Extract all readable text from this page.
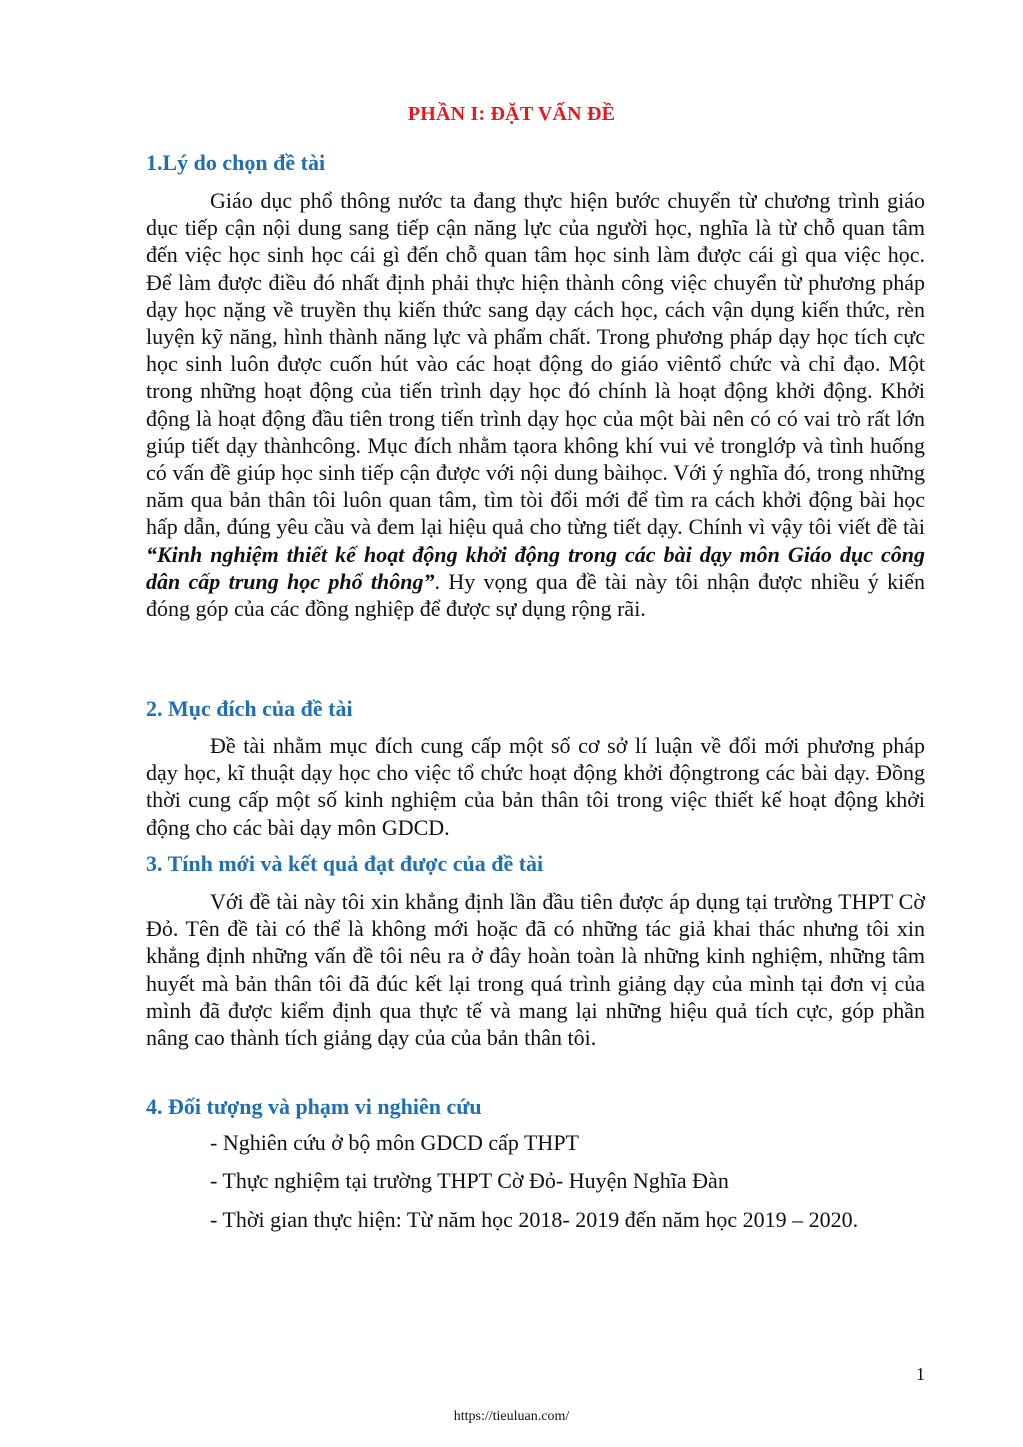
PHẦN I: ĐẶT VẤN ĐỀ
1.Lý do chọn đề tài

Giáo dục phổ thông nước ta đang thực hiện bước chuyển từ chương trình giáo dục tiếp cận nội dung sang tiếp cận năng lực của người học, nghĩa là từ chỗ quan tâm đến việc học sinh học cái gì đến chỗ quan tâm học sinh làm được cái gì qua việc học. Để làm được điều đó nhất định phải thực hiện thành công việc chuyển từ phương pháp dạy học nặng về truyền thụ kiến thức sang dạy cách học, cách vận dụng kiến thức, rèn luyện kỹ năng, hình thành năng lực và phẩm chất. Trong phương pháp dạy học tích cực học sinh luôn được cuốn hút vào các hoạt động do giáo viêntổ chức và chỉ đạo. Một trong những hoạt động của tiến trình dạy học đó chính là hoạt động khởi động. Khởi động là hoạt động đầu tiên trong tiến trình dạy học của một bài nên có có vai trò rất lớn giúp tiết dạy thànhcông. Mục đích nhằm tạora không khí vui vẻ tronglớp và tình huống có vấn đề giúp học sinh tiếp cận được với nội dung bàihọc. Với ý nghĩa đó, trong những năm qua bản thân tôi luôn quan tâm, tìm tòi đổi mới để tìm ra cách khởi động bài học hấp dẫn, đúng yêu cầu và đem lại hiệu quả cho từng tiết dạy. Chính vì vậy tôi viết đề tài “Kinh nghiệm thiết kế hoạt động khởi động trong các bài dạy môn Giáo dục công dân cấp trung học phổ thông”. Hy vọng qua đề tài này tôi nhận được nhiều ý kiến đóng góp của các đồng nghiệp để được sự dụng rộng rãi.

2. Mục đích của đề tài

Đề tài nhằm mục đích cung cấp một số cơ sở lí luận về đổi mới phương pháp dạy học, kĩ thuật dạy học cho việc tổ chức hoạt động khởi độngtrong các bài dạy. Đồng thời cung cấp một số kinh nghiệm của bản thân tôi trong việc thiết kế hoạt động khởi động cho các bài dạy môn GDCD.

3. Tính mới và kết quả đạt được của đề tài

Với đề tài này tôi xin khẳng định lần đầu tiên được áp dụng tại trường THPT Cờ Đỏ. Tên đề tài có thể là không mới hoặc đã có những tác giả khai thác nhưng tôi xin khẳng định những vấn đề tôi nêu ra ở đây hoàn toàn là những kinh nghiệm, những tâm huyết mà bản thân tôi đã đúc kết lại trong quá trình giảng dạy của mình tại đơn vị của mình đã được kiểm định qua thực tế và mang lại những hiệu quả tích cực, góp phần nâng cao thành tích giảng dạy của của bản thân tôi.

4. Đối tượng và phạm vi nghiên cứu
- Nghiên cứu ở bộ môn GDCD cấp THPT
- Thực nghiệm tại trường THPT Cờ Đỏ- Huyện Nghĩa Đàn
- Thời gian thực hiện: Từ năm học 2018- 2019 đến năm học 2019 – 2020.
1
https://tieuluan.com/
